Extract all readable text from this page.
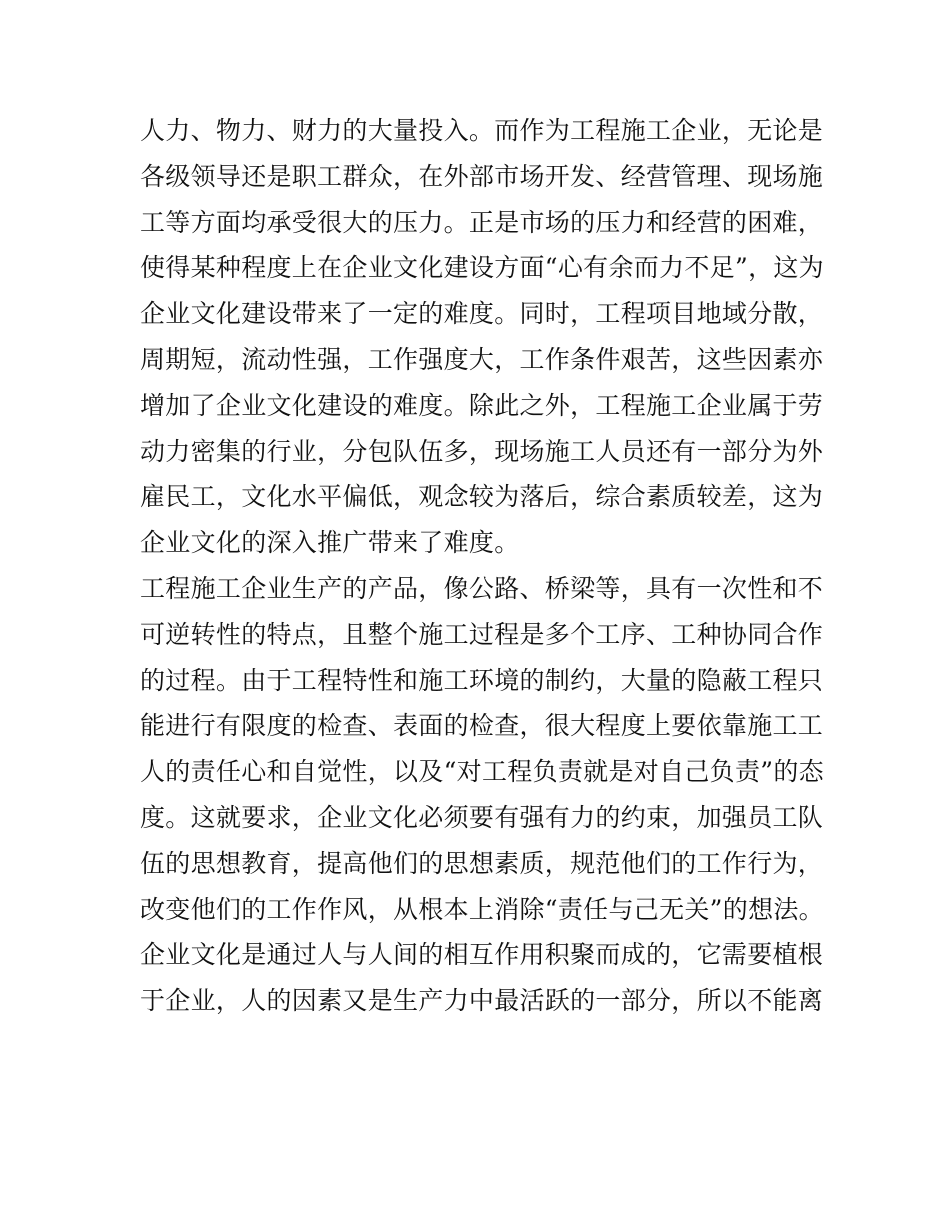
人力、物力、财力的大量投入。而作为工程施工企业，无论是

各级领导还是职工群众，在外部市场开发、经营管理、现场施

工等方面均承受很大的压力。正是市场的压力和经营的困难，

使得某种程度上在企业文化建设方面“心有余而力不足”，这为

企业文化建设带来了一定的难度。同时，工程项目地域分散，

周期短，流动性强，工作强度大，工作条件艰苦，这些因素亦

增加了企业文化建设的难度。除此之外，工程施工企业属于劳

动力密集的行业，分包队伍多，现场施工人员还有一部分为外

雇民工，文化水平偏低，观念较为落后，综合素质较差，这为

企业文化的深入推广带来了难度。

工程施工企业生产的产品，像公路、桥梁等，具有一次性和不

可逆转性的特点，且整个施工过程是多个工序、工种协同合作

的过程。由于工程特性和施工环境的制约，大量的隐蔽工程只

能进行有限度的检查、表面的检查，很大程度上要依靠施工工

人的责任心和自觉性，以及“对工程负责就是对自己负责”的态

度。这就要求，企业文化必须要有强有力的约束，加强员工队

伍的思想教育，提高他们的思想素质，规范他们的工作行为，

改变他们的工作作风，从根本上消除“责任与己无关”的想法。

企业文化是通过人与人间的相互作用积聚而成的，它需要植根

于企业，人的因素又是生产力中最活跃的一部分，所以不能离
